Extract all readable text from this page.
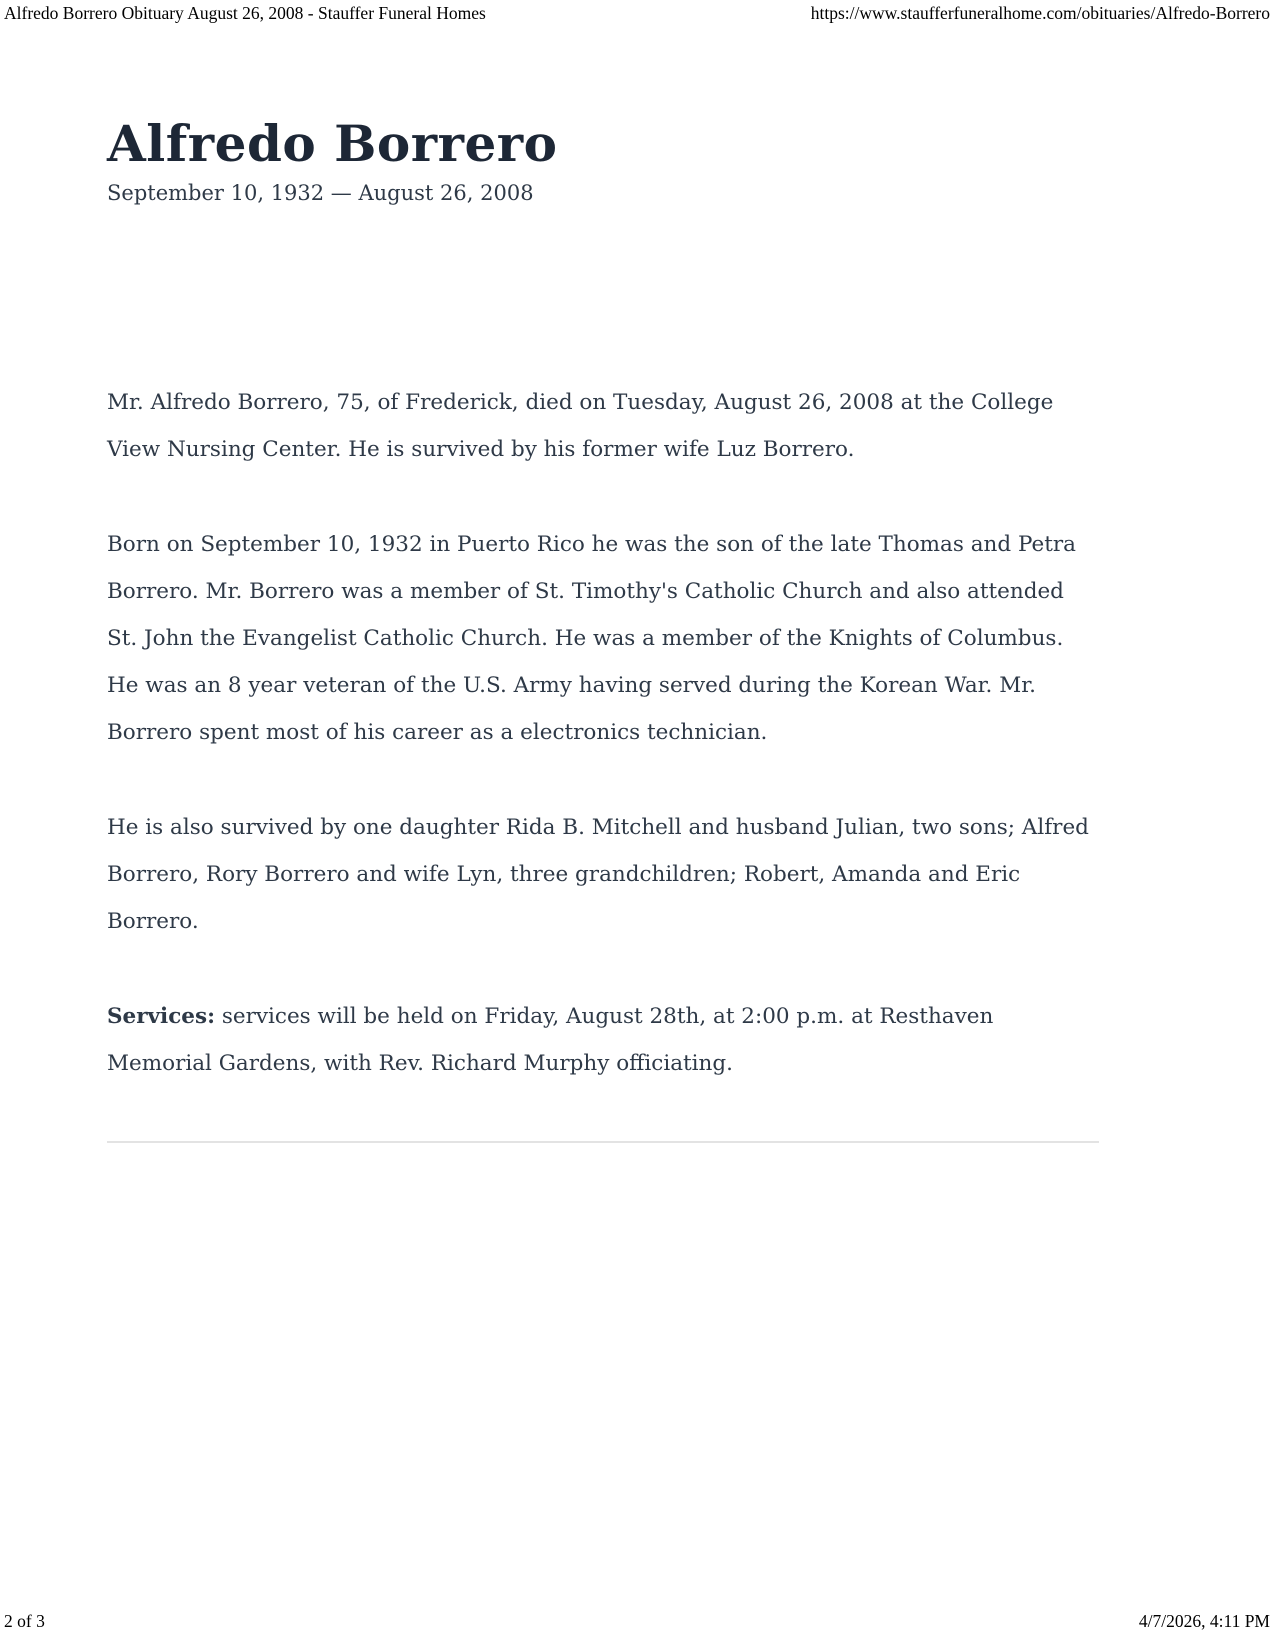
Alfredo Borrero Obituary August 26, 2008 - Stauffer Funeral Homes	https://www.staufferfuneralhome.com/obituaries/Alfredo-Borrero
Alfredo Borrero
September 10, 1932 — August 26, 2008

Mr. Alfredo Borrero, 75, of Frederick, died on Tuesday, August 26, 2008 at the College View Nursing Center. He is survived by his former wife Luz Borrero.

Born on September 10, 1932 in Puerto Rico he was the son of the late Thomas and Petra Borrero. Mr. Borrero was a member of St. Timothy's Catholic Church and also attended St. John the Evangelist Catholic Church. He was a member of the Knights of Columbus. He was an 8 year veteran of the U.S. Army having served during the Korean War. Mr. Borrero spent most of his career as a electronics technician.

He is also survived by one daughter Rida B. Mitchell and husband Julian, two sons; Alfred Borrero, Rory Borrero and wife Lyn, three grandchildren; Robert, Amanda and Eric Borrero.

Services: services will be held on Friday, August 28th, at 2:00 p.m. at Resthaven Memorial Gardens, with Rev. Richard Murphy officiating.

2 of 3	4/7/2026, 4:11 PM
